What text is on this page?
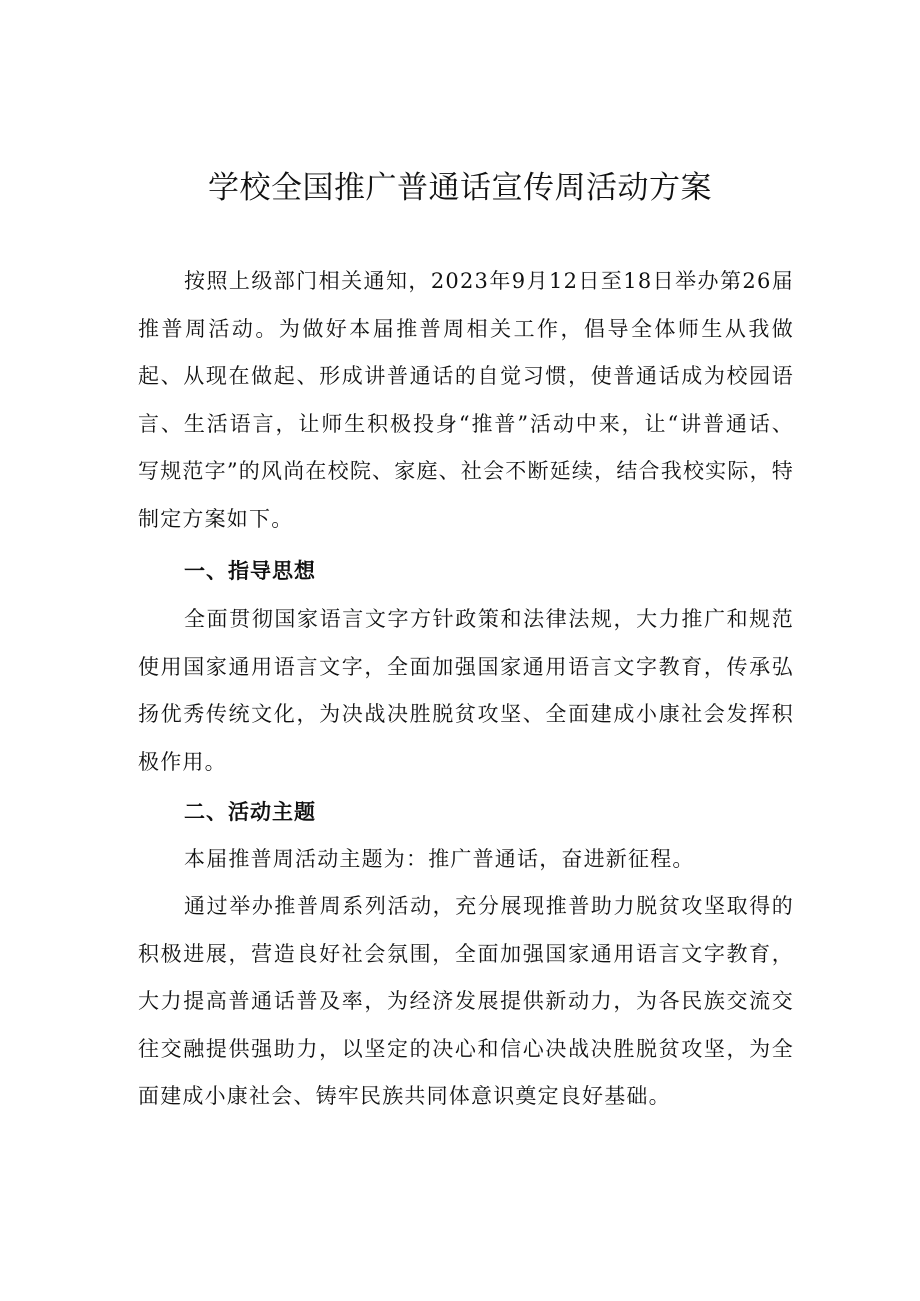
学校全国推广普通话宣传周活动方案

按照上级部门相关通知，2023年9月12日至18日举办第26届推普周活动。为做好本届推普周相关工作，倡导全体师生从我做起、从现在做起、形成讲普通话的自觉习惯，使普通话成为校园语言、生活语言，让师生积极投身“推普”活动中来，让“讲普通话、写规范字”的风尚在校院、家庭、社会不断延续，结合我校实际，特制定方案如下。

一、指导思想

全面贯彻国家语言文字方针政策和法律法规，大力推广和规范使用国家通用语言文字，全面加强国家通用语言文字教育，传承弘扬优秀传统文化，为决战决胜脱贫攻坚、全面建成小康社会发挥积极作用。

二、活动主题

本届推普周活动主题为：推广普通话，奋进新征程。

通过举办推普周系列活动，充分展现推普助力脱贫攻坚取得的积极进展，营造良好社会氛围，全面加强国家通用语言文字教育，大力提高普通话普及率，为经济发展提供新动力，为各民族交流交往交融提供强助力，以坚定的决心和信心决战决胜脱贫攻坚，为全面建成小康社会、铸牢民族共同体意识奠定良好基础。
